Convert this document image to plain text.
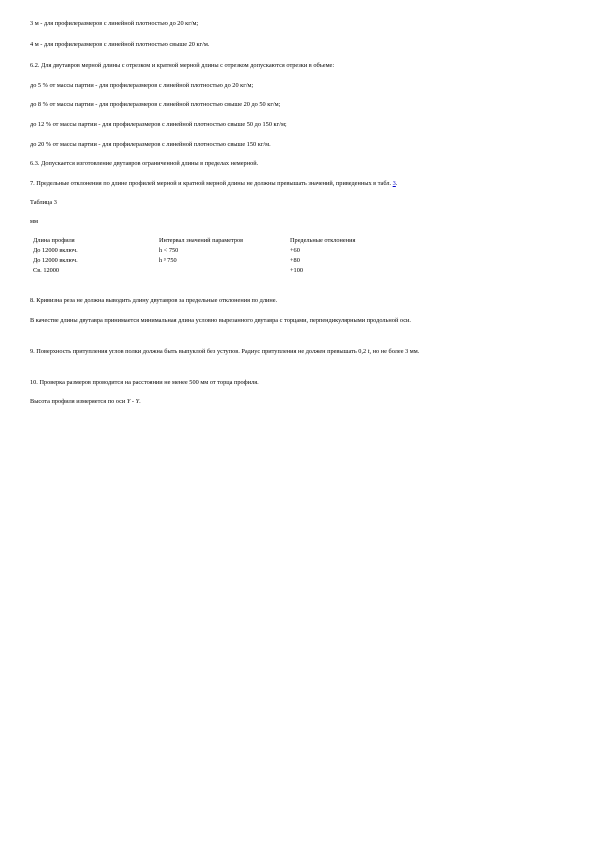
3 м - для профилеразмеров с линейной плотностью до 20 кг/м;
4 м - для профилеразмеров с линейной плотностью свыше 20 кг/м.
6.2. Для двутавров мерной длины с отрезком и кратной мерной длины с отрезком допускаются отрезки в объеме:
до 5 % от массы партии - для профилеразмеров с линейной плотностью до 20 кг/м;
до 8 % от массы партии - для профилеразмеров с линейной плотностью свыше 20 до 50 кг/м;
до 12 % от массы партии - для профилеразмеров с линейной плотностью свыше 50 до 150 кг/м;
до 20 % от массы партии - для профилеразмеров с линейной плотностью свыше 150 кг/м.
6.3. Допускается изготовление двутавров ограниченной длины в пределах немерной.
7. Предельные отклонения по длине профилей мерной и кратной мерной длины не должны превышать значений, приведенных в табл. 3.
Таблица 3
мм
Длина профиля	Интервал значений параметров	Предельные отклонения
До 12000 включ.	h < 750	+60
До 12000 включ.	h ³ 750	+80
Св. 12000		+100
8. Кривизна реза не должна выводить длину двутавров за предельные отклонения по длине.
В качестве длины двутавра принимается минимальная длина условно вырезанного двутавра с торцами, перпендикулярными продольной оси.
9. Поверхность притупления углов полки должна быть выпуклой без уступов. Радиус притупления не должен превышать 0,2 t, но не более 3 мм.
10. Проверка размеров проводится на расстоянии не менее 500 мм от торца профиля.
Высота профиля измеряется по оси Y - Y.
